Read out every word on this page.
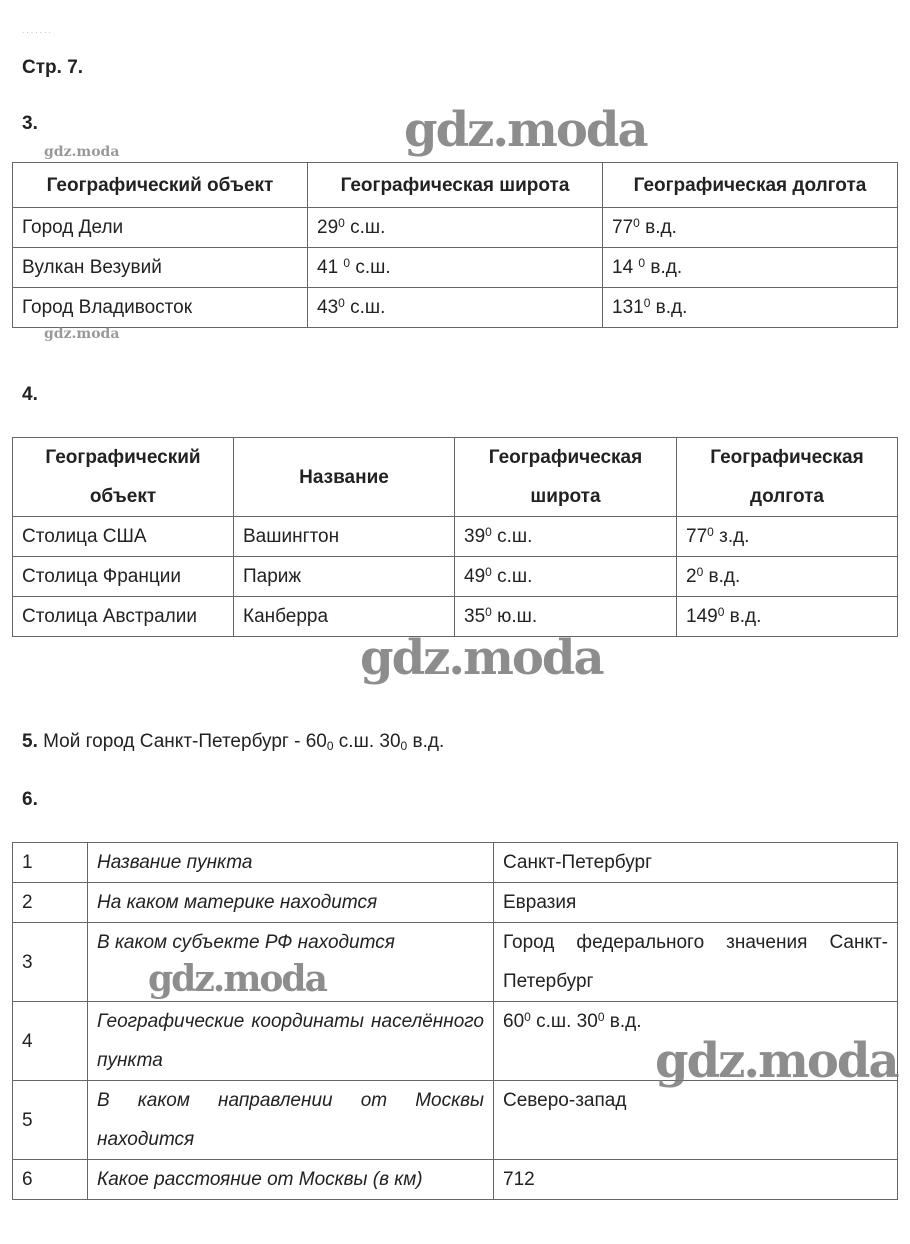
. . . . . . .
Стр. 7.
3.
Географический объект	Географическая широта	Географическая долгота
Город Дели	$29^0$ с.ш.	$77^0$ в.д.
Вулкан Везувий	41 $^0$ с.ш.	14 $^0$ в.д.
Город Владивосток	$43^0$ с.ш.	$131^0$ в.д.
4.
Географический объект	Название	Географическая широта	Географическая долгота
Столица США	Вашингтон	$39^0$ с.ш.	$77^0$ з.д.
Столица Франции	Париж	$49^0$ с.ш.	$2^0$ в.д.
Столица Австралии	Канберра	$35^0$ ю.ш.	$149^0$ в.д.
5. Мой город Санкт-Петербург - $60^0$ с.ш. $30^0$ в.д.
6.
1	Название пункта	Санкт-Петербург
2	На каком материке находится	Евразия
3	В каком субъекте РФ находится	Город федерального значения Санкт-Петербург
4	Географические координаты населённого пункта	$60^0$ с.ш. $30^0$ в.д.
5	В каком направлении от Москвы находится	Северо-запад
6	Какое расстояние от Москвы (в км)	712
gdz.moda
gdz.moda
gdz.moda
gdz.moda
gdz.moda
gdz.moda
